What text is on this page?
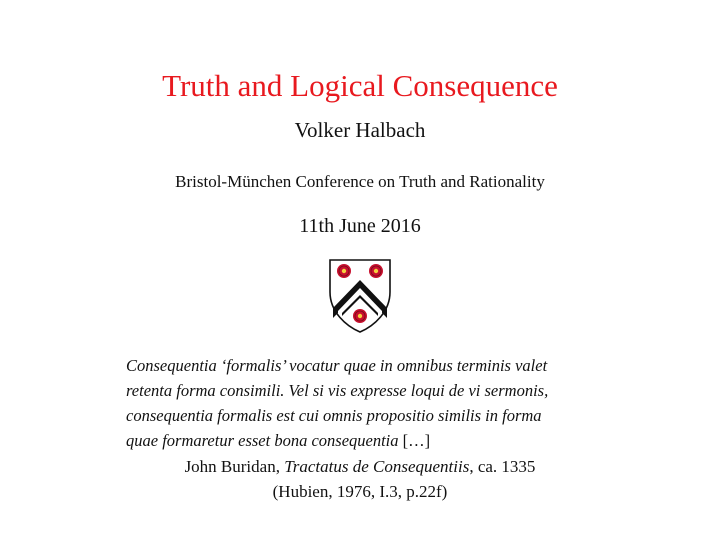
Truth and Logical Consequence
Volker Halbach
Bristol-München Conference on Truth and Rationality
11th June 2016
Consequentia ‘formalis’ vocatur quae in omnibus terminis valet
retenta forma consimili. Vel si vis expresse loqui de vi sermonis,
consequentia formalis est cui omnis propositio similis in forma
quae formaretur esset bona consequentia […]
John Buridan, Tractatus de Consequentiis, ca. 1335
(Hubien, 1976, I.3, p.22f)
